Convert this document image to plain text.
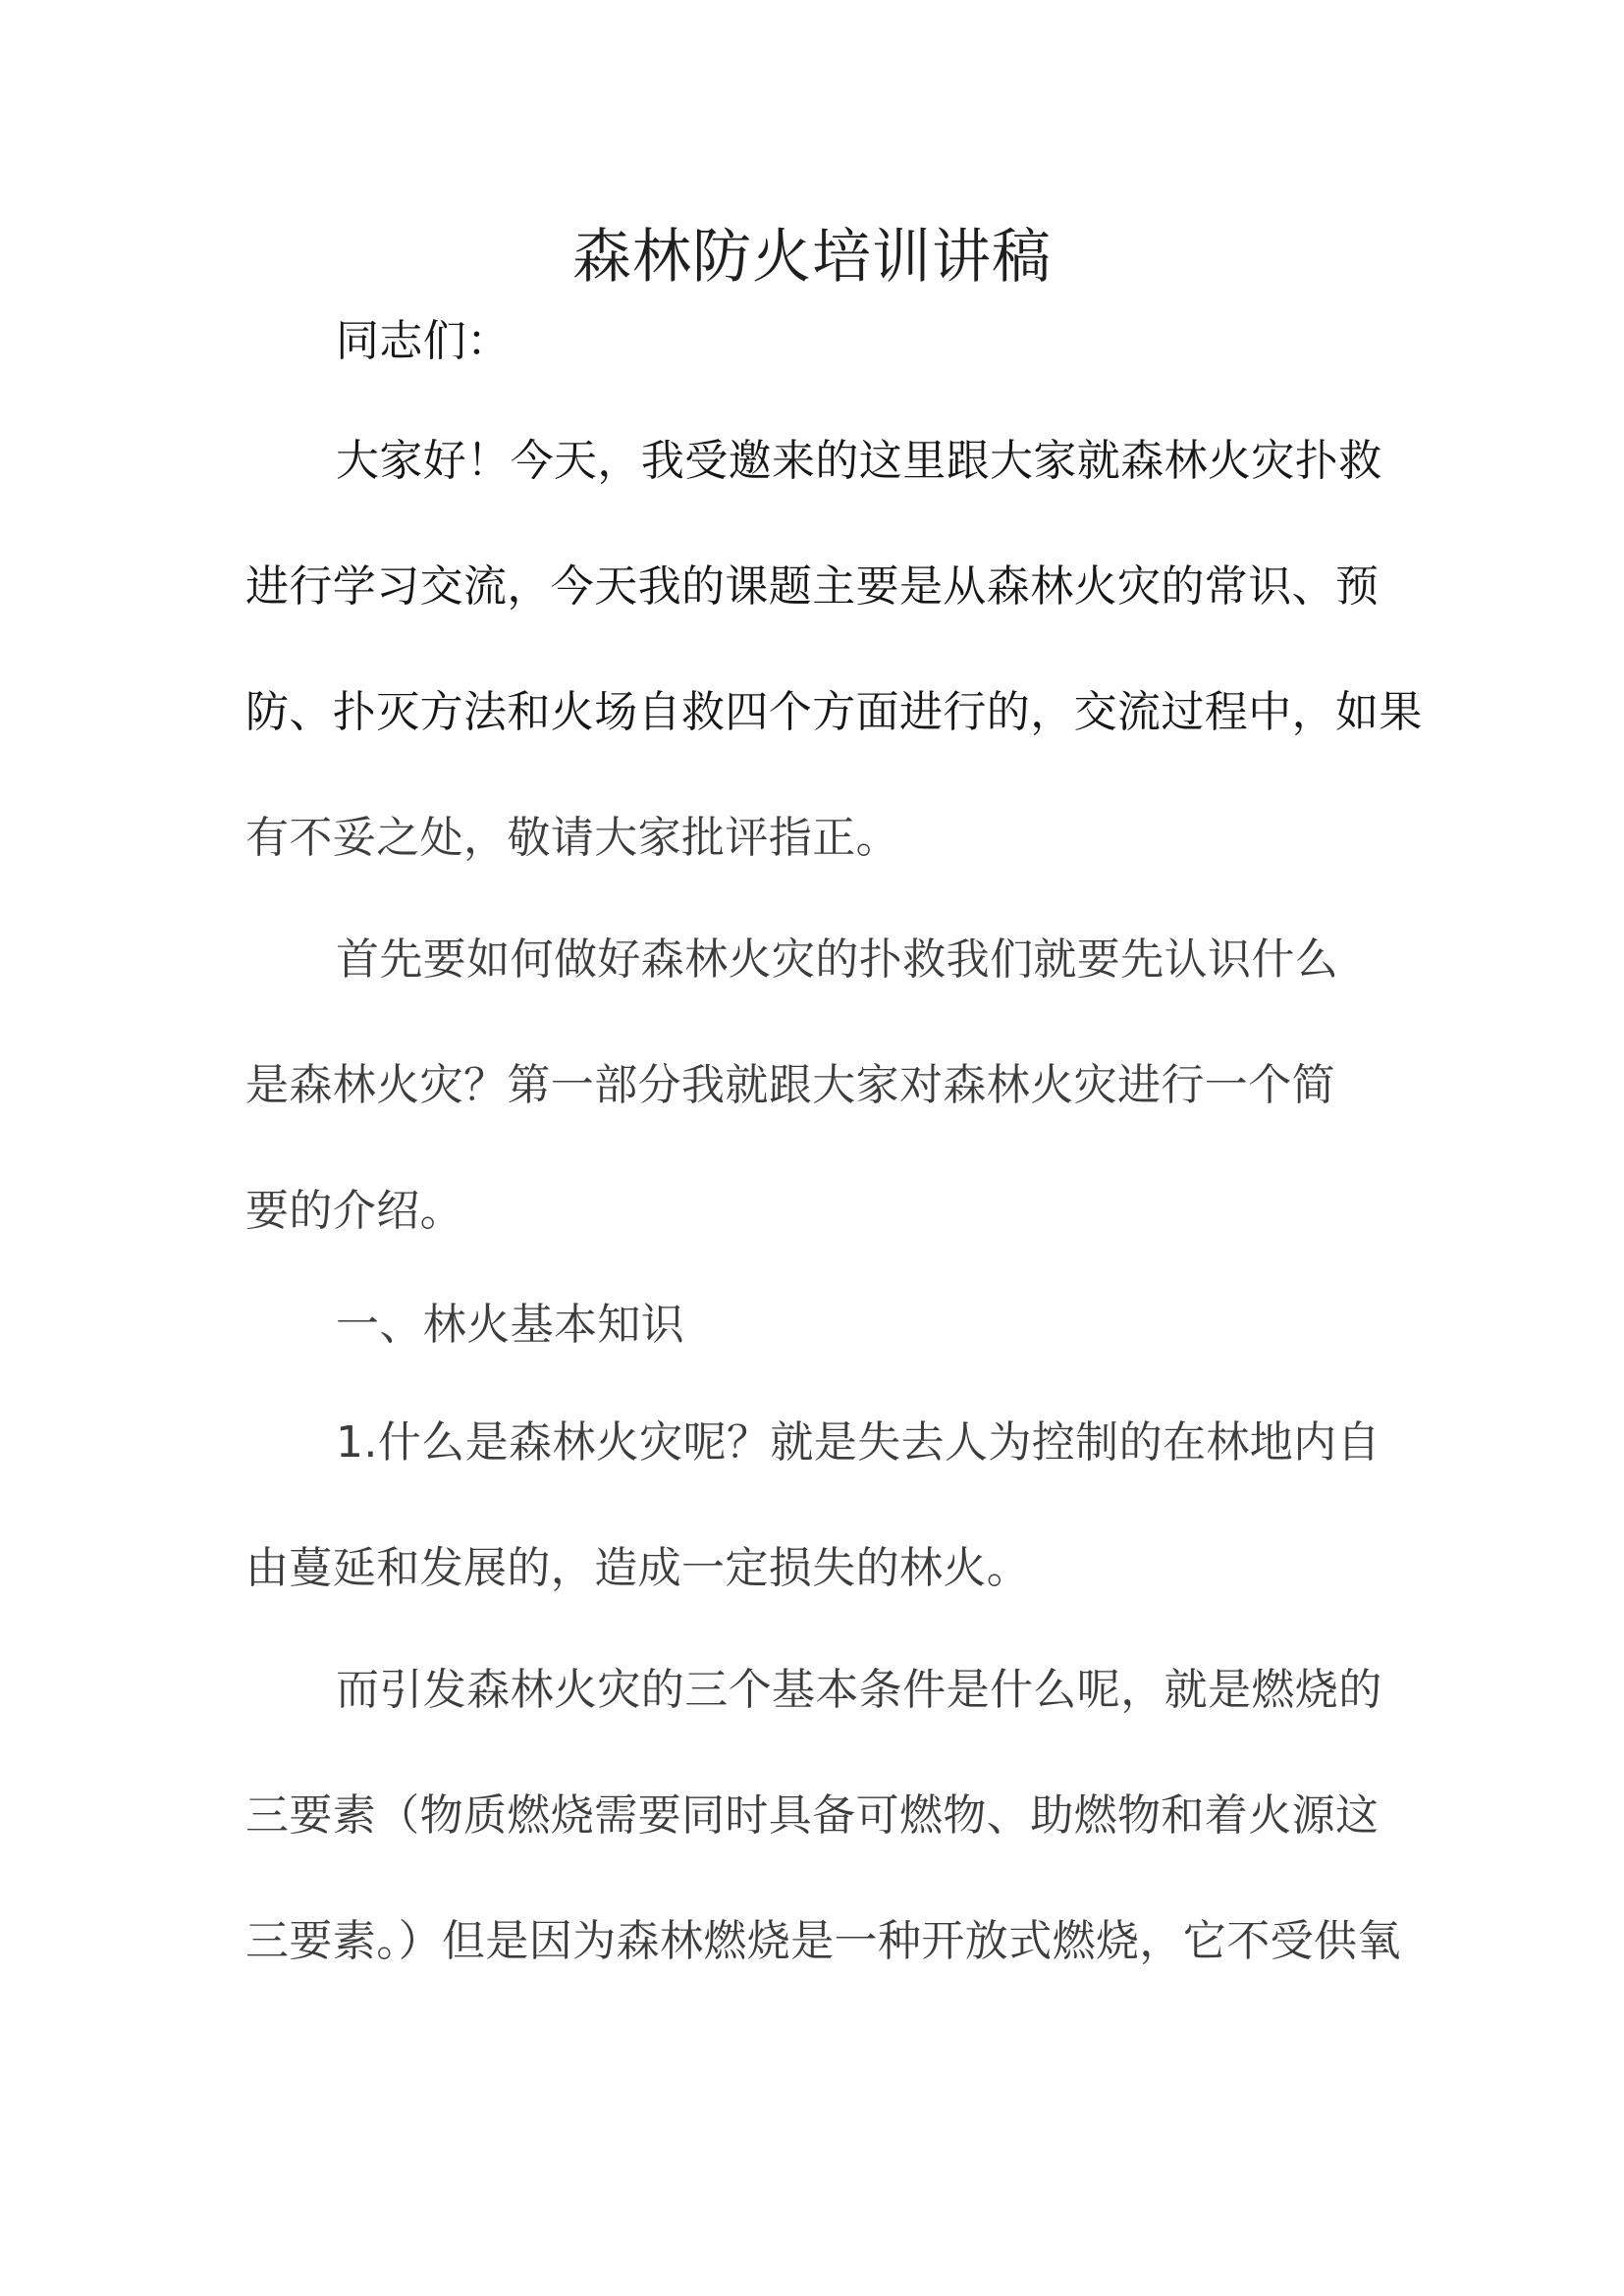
森林防火培训讲稿
同志们：
大家好！今天，我受邀来的这里跟大家就森林火灾扑救
进行学习交流，今天我的课题主要是从森林火灾的常识、预
防、扑灭方法和火场自救四个方面进行的，交流过程中，如果
有不妥之处，敬请大家批评指正。
首先要如何做好森林火灾的扑救我们就要先认识什么
是森林火灾？第一部分我就跟大家对森林火灾进行一个简
要的介绍。
一、林火基本知识
1.什么是森林火灾呢？就是失去人为控制的在林地内自
由蔓延和发展的，造成一定损失的林火。
而引发森林火灾的三个基本条件是什么呢，就是燃烧的
三要素（物质燃烧需要同时具备可燃物、助燃物和着火源这
三要素。）但是因为森林燃烧是一种开放式燃烧，它不受供氧
